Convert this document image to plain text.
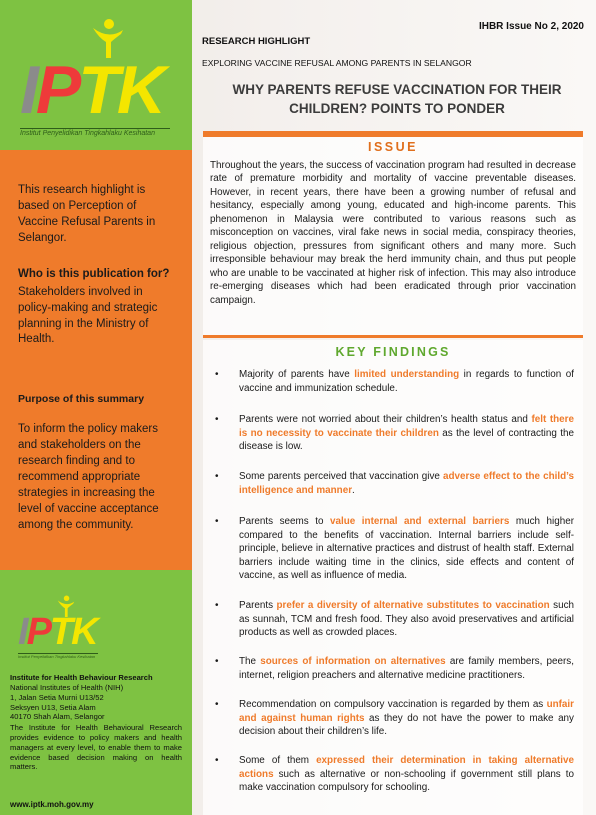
IPTK
Institut Penyelidikan Tingkahlaku Kesihatan

This research highlight is based on Perception of Vaccine Refusal Parents in Selangor.

Who is this publication for?

Stakeholders involved in policy-making and strategic planning in the Ministry of Health.

Purpose of this summary

To inform the policy makers and stakeholders on the research finding and to recommend appropriate strategies in increasing the level of vaccine acceptance among the community.

IPTK
Institut Penyelidikan Tingkahlaku Kesihatan

Institute for Health Behaviour Research

National Institutes of Health (NIH)

1, Jalan Setia Murni U13/52

Seksyen U13, Setia Alam

40170 Shah Alam, Selangor

The Institute for Health Behavioural Research provides evidence to policy makers and health managers at every level, to enable them to make evidence based decision making on health matters.
www.iptk.moh.gov.my
IHBR Issue No 2, 2020
RESEARCH HIGHLIGHT
EXPLORING VACCINE REFUSAL AMONG PARENTS IN SELANGOR
WHY PARENTS REFUSE VACCINATION FOR THEIR CHILDREN? POINTS TO PONDER
ISSUE

Throughout the years, the success of vaccination program had resulted in decrease rate of premature morbidity and mortality of vaccine preventable diseases. However, in recent years, there have been a growing number of refusal and hesitancy, especially among young, educated and high-income parents. This phenomenon in Malaysia were contributed to various reasons such as misconception on vaccines, viral fake news in social media, conspiracy theories, religious objection, pressures from significant others and many more. Such irresponsible behaviour may break the herd immunity chain, and thus put people who are unable to be vaccinated at higher risk of infection. This may also introduce re-emerging diseases which had been eradicated through prior vaccination campaign.

KEY FINDINGS
• Majority of parents have limited understanding in regards to function of vaccine and immunization schedule.
• Parents were not worried about their children’s health status and felt there is no necessity to vaccinate their children as the level of contracting the disease is low.
• Some parents perceived that vaccination give adverse effect to the child’s intelligence and manner.
• Parents seems to value internal and external barriers much higher compared to the benefits of vaccination. Internal barriers include self-principle, believe in alternative practices and distrust of health staff. External barriers include waiting time in the clinics, side effects and content of vaccine, as well as influence of media.
• Parents prefer a diversity of alternative substitutes to vaccination such as sunnah, TCM and fresh food. They also avoid preservatives and artificial products as well as crowded places.
• The sources of information on alternatives are family members, peers, internet, religion preachers and alternative medicine practitioners.
• Recommendation on compulsory vaccination is regarded by them as unfair and against human rights as they do not have the power to make any decision about their children’s life.
• Some of them expressed their determination in taking alternative actions such as alternative or non-schooling if government still plans to make vaccination compulsory for schooling.
